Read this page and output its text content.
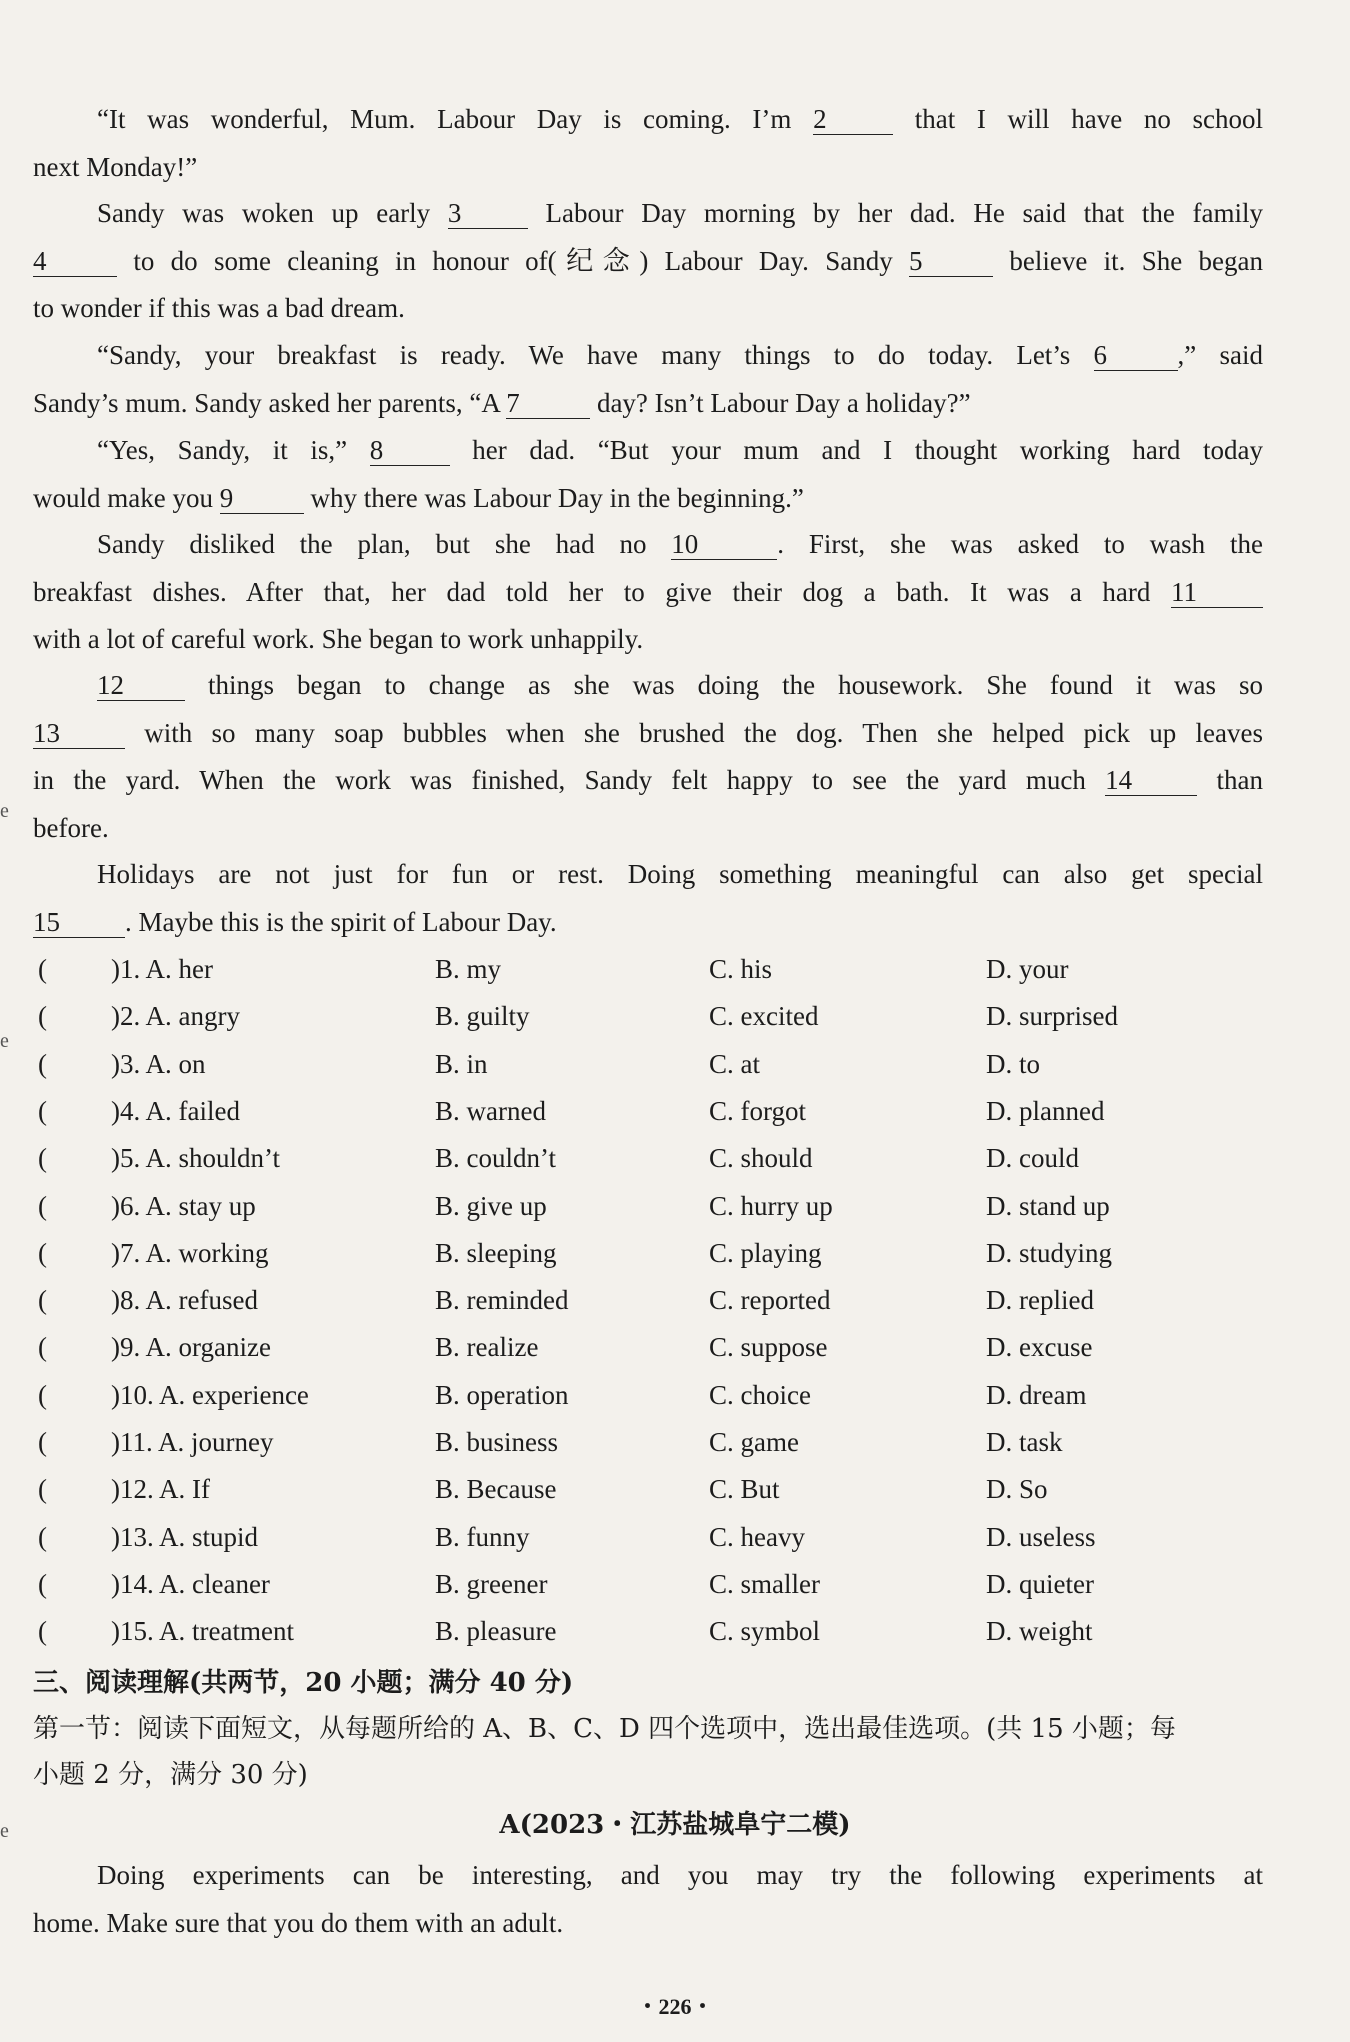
“It was wonderful, Mum. Labour Day is coming. I’m 2 that I will have no school
next Monday!”
Sandy was woken up early 3 Labour Day morning by her dad. He said that the family
4	to do some cleaning in honour of(纪念) Labour Day. Sandy 5	believe it. She began
to wonder if this was a bad dream.
“Sandy, your breakfast is ready. We have many things to do today. Let’s 6	,” said
Sandy’s mum. Sandy asked her parents, “A 7	day? Isn’t Labour Day a holiday?”
“Yes, Sandy, it is,” 8 her dad. “But your mum and I thought working hard today
would make you 9	why there was Labour Day in the beginning.”
Sandy disliked the plan, but she had no 10	. First, she was asked to wash the
breakfast dishes. After that, her dad told her to give their dog a bath. It was a hard 11
with a lot of careful work. She began to work unhappily.
12 things began to change as she was doing the housework. She found it was so
13 with so many soap bubbles when she brushed the dog. Then she helped pick up leaves
in the yard. When the work was finished, Sandy felt happy to see the yard much 14 than
before.
Holidays are not just for fun or rest. Doing something meaningful can also get special
15 . Maybe this is the spirit of Labour Day.
( )1. A. her	B. my	C. his	D. your
( )2. A. angry	B. guilty	C. excited	D. surprised
( )3. A. on	B. in	C. at	D. to
( )4. A. failed	B. warned	C. forgot	D. planned
( )5. A. shouldn’t	B. couldn’t	C. should	D. could
( )6. A. stay up	B. give up	C. hurry up	D. stand up
( )7. A. working	B. sleeping	C. playing	D. studying
( )8. A. refused	B. reminded	C. reported	D. replied
( )9. A. organize	B. realize	C. suppose	D. excuse
( )10. A. experience	B. operation	C. choice	D. dream
( )11. A. journey	B. business	C. game	D. task
( )12. A. If	B. Because	C. But	D. So
( )13. A. stupid	B. funny	C. heavy	D. useless
( )14. A. cleaner	B. greener	C. smaller	D. quieter
( )15. A. treatment	B. pleasure	C. symbol	D. weight
三、阅读理解(共两节，20 小题；满分 40 分)
第一节：阅读下面短文，从每题所给的 A、B、C、D 四个选项中，选出最佳选项。(共 15 小题；每
小题 2 分，满分 30 分)
A(2023・江苏盐城阜宁二模)
Doing experiments can be interesting, and you may try the following experiments at
home. Make sure that you do them with an adult.
・226・
e
e
e
